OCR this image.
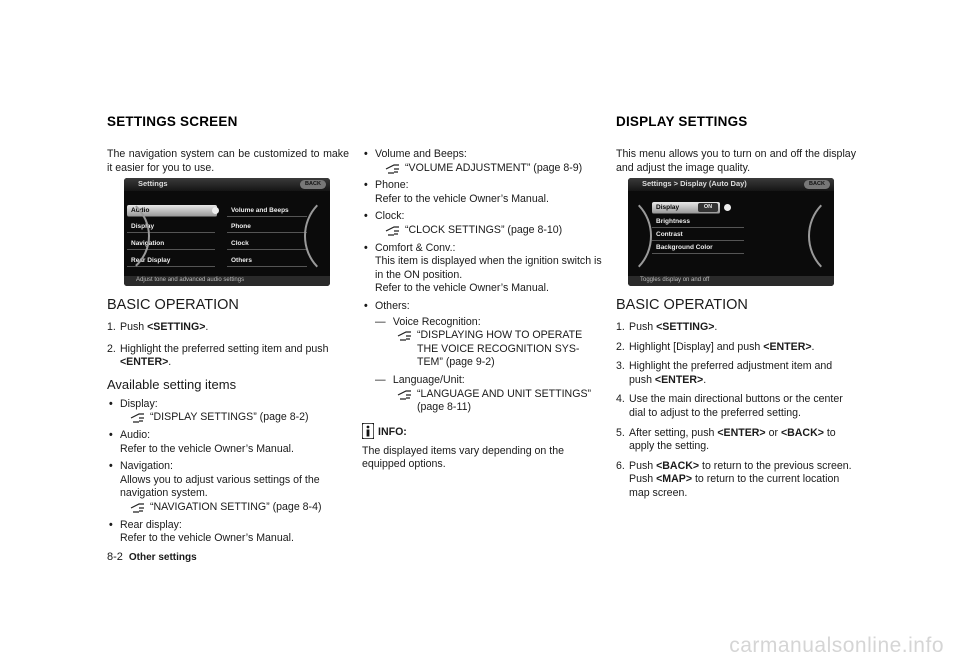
SETTINGS SCREEN	DISPLAY SETTINGS

The navigation system can be customized to make it easier for you to use.

Settings	BACK
Audio
Display
Navigation
Rear Display
Volume and Beeps
Phone
Clock
Others
Adjust tone and advanced audio settings
BASIC OPERATION
1. Push <SETTING>.
2. Highlight the preferred setting item and push <ENTER>.
Available setting items
• Display:
“DISPLAY SETTINGS” (page 8-2)
• Audio:
Refer to the vehicle Owner’s Manual.
• Navigation:
Allows you to adjust various settings of the navigation system.
“NAVIGATION SETTING” (page 8-4)
• Rear display:
Refer to the vehicle Owner’s Manual.
• Volume and Beeps:
“VOLUME ADJUSTMENT” (page 8-9)
• Phone:
Refer to the vehicle Owner’s Manual.
• Clock:
“CLOCK SETTINGS” (page 8-10)
• Comfort & Conv.:
This item is displayed when the ignition switch is in the ON position.
Refer to the vehicle Owner’s Manual.
• Others:
— Voice Recognition:
“DISPLAYING HOW TO OPERATE THE VOICE RECOGNITION SYS-TEM” (page 9-2)
— Language/Unit:
“LANGUAGE AND UNIT SETTINGS” (page 8-11)
INFO:

The displayed items vary depending on the equipped options.

This menu allows you to turn on and off the display and adjust the image quality.

Settings > Display (Auto Day)	BACK
Display	ON
Brightness
Contrast
Background Color
Toggles display on and off
BASIC OPERATION
1. Push <SETTING>.
2. Highlight [Display] and push <ENTER>.
3. Highlight the preferred adjustment item and push <ENTER>.
4. Use the main directional buttons or the center dial to adjust to the preferred setting.
5. After setting, push <ENTER> or <BACK> to apply the setting.
6. Push <BACK> to return to the previous screen. Push <MAP> to return to the current location map screen.
8-2 Other settings
carmanualsonline.info
